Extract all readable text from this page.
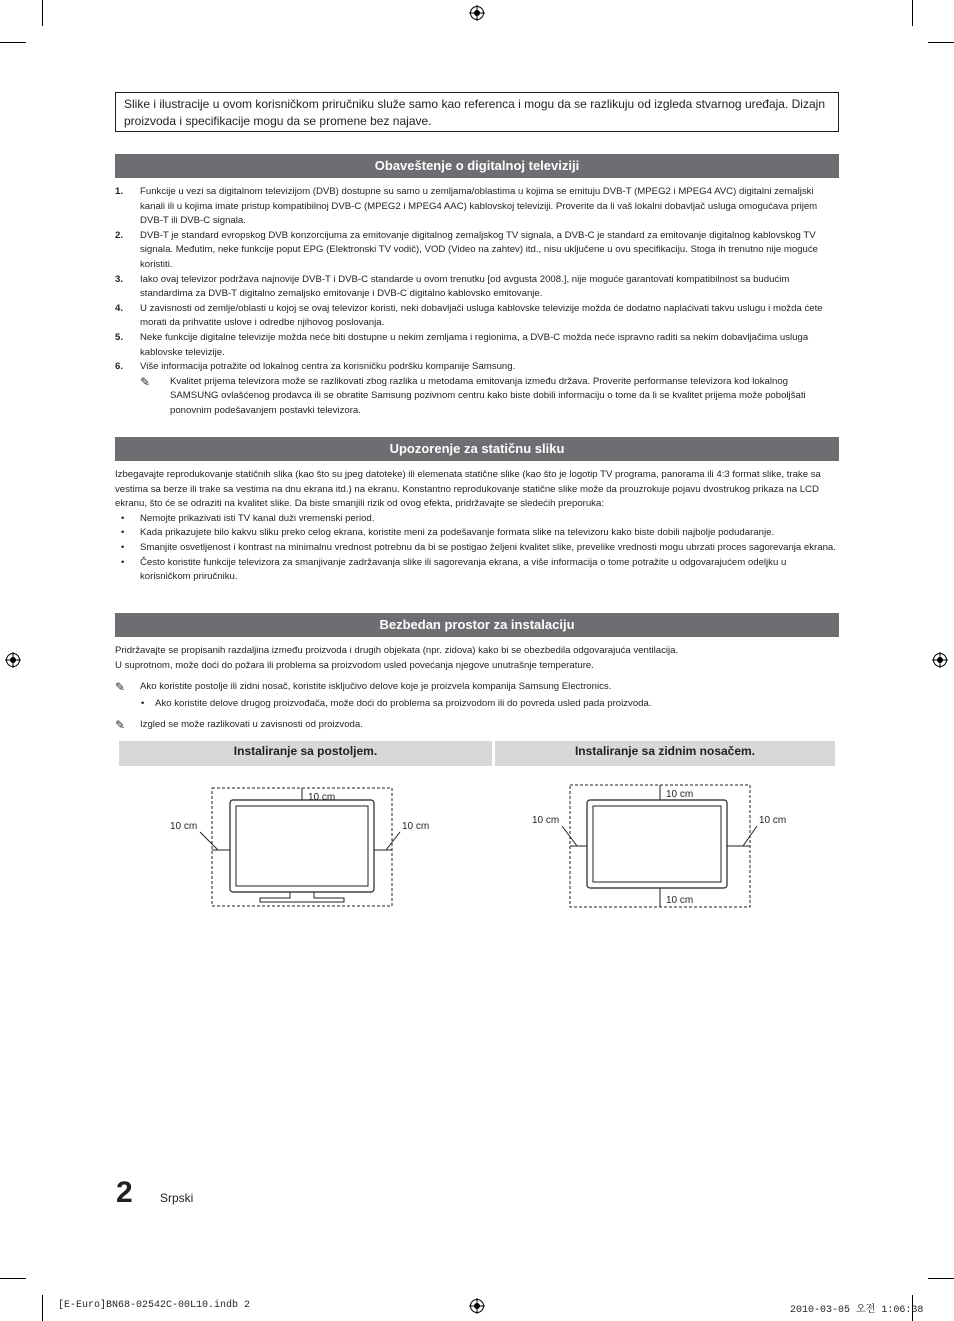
Slike i ilustracije u ovom korisničkom priručniku služe samo kao referenca i mogu da se razlikuju od izgleda stvarnog uređaja. Dizajn proizvoda i specifikacije mogu da se promene bez najave.
Obaveštenje o digitalnoj televiziji
1. Funkcije u vezi sa digitalnom televizijom (DVB) dostupne su samo u zemljama/oblastima u kojima se emituju DVB-T (MPEG2 i MPEG4 AVC) digitalni zemaljski kanali ili u kojima imate pristup kompatibilnoj DVB-C (MPEG2 i MPEG4 AAC) kablovskoj televiziji. Proverite da li vaš lokalni dobavljač usluga omogućava prijem DVB-T ili DVB-C signala.
2. DVB-T je standard evropskog DVB konzorcijuma za emitovanje digitalnog zemaljskog TV signala, a DVB-C je standard za emitovanje digitalnog kablovskog TV signala. Međutim, neke funkcije poput EPG (Elektronski TV vodič), VOD (Video na zahtev) itd., nisu uključene u ovu specifikaciju. Stoga ih trenutno nije moguće koristiti.
3. Iako ovaj televizor podržava najnovije DVB-T i DVB-C standarde u ovom trenutku [od avgusta 2008.], nije moguće garantovati kompatibilnost sa budućim standardima za DVB-T digitalno zemaljsko emitovanje i DVB-C digitalno kablovsko emitovanje.
4. U zavisnosti od zemlje/oblasti u kojoj se ovaj televizor koristi, neki dobavljači usluga kablovske televizije možda će dodatno naplaćivati takvu uslugu i možda ćete morati da prihvatite uslove i odredbe njihovog poslovanja.
5. Neke funkcije digitalne televizije možda neće biti dostupne u nekim zemljama i regionima, a DVB-C možda neće ispravno raditi sa nekim dobavljačima usluga kablovske televizije.
6. Više informacija potražite od lokalnog centra za korisničku podršku kompanije Samsung.
✎ Kvalitet prijema televizora može se razlikovati zbog razlika u metodama emitovanja između država. Proverite performanse televizora kod lokalnog SAMSUNG ovlašćenog prodavca ili se obratite Samsung pozivnom centru kako biste dobili informaciju o tome da li se kvalitet prijema može poboljšati ponovnim podešavanjem postavki televizora.
Upozorenje za statičnu sliku
Izbegavajte reprodukovanje statičnih slika (kao što su jpeg datoteke) ili elemenata statične slike (kao što je logotip TV programa, panorama ili 4:3 format slike, trake sa vestima sa berze ili trake sa vestima na dnu ekrana itd.) na ekranu. Konstantno reprodukovanje statične slike može da prouzrokuje pojavu dvostrukog prikaza na LCD ekranu, što će se odraziti na kvalitet slike. Da biste smanjili rizik od ovog efekta, pridržavajte se sledećih preporuka:
• Nemojte prikazivati isti TV kanal duži vremenski period.
• Kada prikazujete bilo kakvu sliku preko celog ekrana, koristite meni za podešavanje formata slike na televizoru kako biste dobili najbolje podudaranje.
• Smanjite osvetljenost i kontrast na minimalnu vrednost potrebnu da bi se postigao željeni kvalitet slike, prevelike vrednosti mogu ubrzati proces sagorevanja ekrana.
• Često koristite funkcije televizora za smanjivanje zadržavanja slike ili sagorevanja ekrana, a više informacija o tome potražite u odgovarajućem odeljku u korisničkom priručniku.
Bezbedan prostor za instalaciju
Pridržavajte se propisanih razdaljina između proizvoda i drugih objekata (npr. zidova) kako bi se obezbedila odgovarajuća ventilacija.
U suprotnom, može doći do požara ili problema sa proizvodom usled povećanja njegove unutrašnje temperature.
✎ Ako koristite postolje ili zidni nosač, koristite isključivo delove koje je proizvela kompanija Samsung Electronics.
• Ako koristite delove drugog proizvođača, može doći do problema sa proizvodom ili do povreda usled pada proizvoda.
✎ Izgled se može razlikovati u zavisnosti od proizvoda.
Instaliranje sa postoljem.	Instaliranje sa zidnim nosačem.
10 cm
10 cm	10 cm
10 cm
10 cm
10 cm	10 cm
2 Srpski
[E-Euro]BN68-02542C-00L10.indb 2	2010-03-05 오전 1:06:38
